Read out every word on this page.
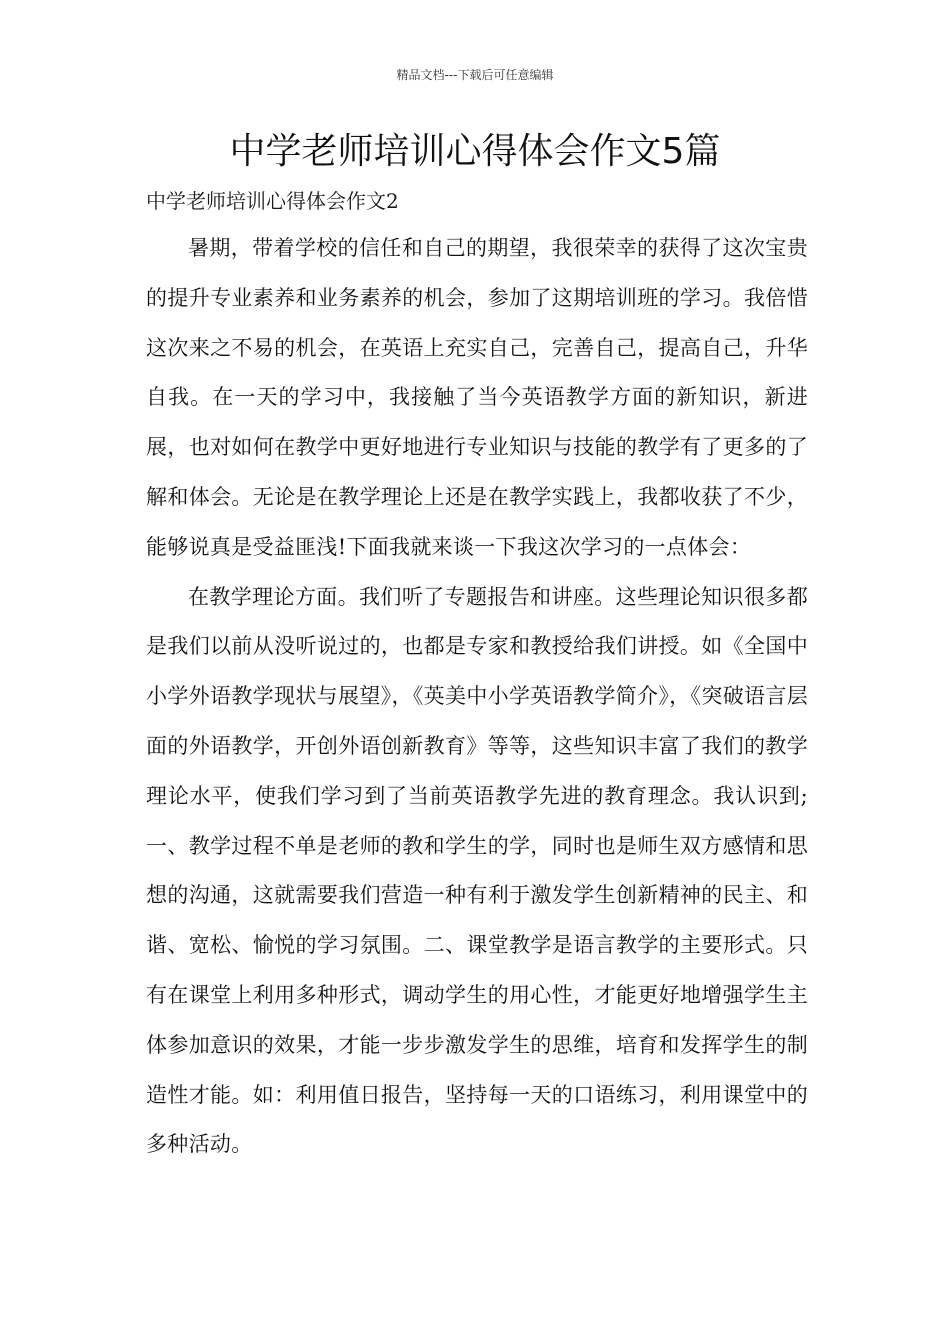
精品文档---下载后可任意编辑
中学老师培训心得体会作文5篇
中学老师培训心得体会作文2

暑期，带着学校的信任和自己的期望，我很荣幸的获得了这次宝贵的提升专业素养和业务素养的机会，参加了这期培训班的学习。我倍惜这次来之不易的机会，在英语上充实自己，完善自己，提高自己，升华自我。在一天的学习中，我接触了当今英语教学方面的新知识，新进展，也对如何在教学中更好地进行专业知识与技能的教学有了更多的了解和体会。无论是在教学理论上还是在教学实践上，我都收获了不少，能够说真是受益匪浅!下面我就来谈一下我这次学习的一点体会：

在教学理论方面。我们听了专题报告和讲座。这些理论知识很多都是我们以前从没听说过的，也都是专家和教授给我们讲授。如《全国中小学外语教学现状与展望》，《英美中小学英语教学简介》，《突破语言层面的外语教学，开创外语创新教育》等等，这些知识丰富了我们的教学理论水平，使我们学习到了当前英语教学先进的教育理念。我认识到;一、教学过程不单是老师的教和学生的学，同时也是师生双方感情和思想的沟通，这就需要我们营造一种有利于激发学生创新精神的民主、和谐、宽松、愉悦的学习氛围。二、课堂教学是语言教学的主要形式。只有在课堂上利用多种形式，调动学生的用心性，才能更好地增强学生主体参加意识的效果，才能一步步激发学生的思维，培育和发挥学生的制造性才能。如：利用值日报告，坚持每一天的口语练习，利用课堂中的多种活动。
